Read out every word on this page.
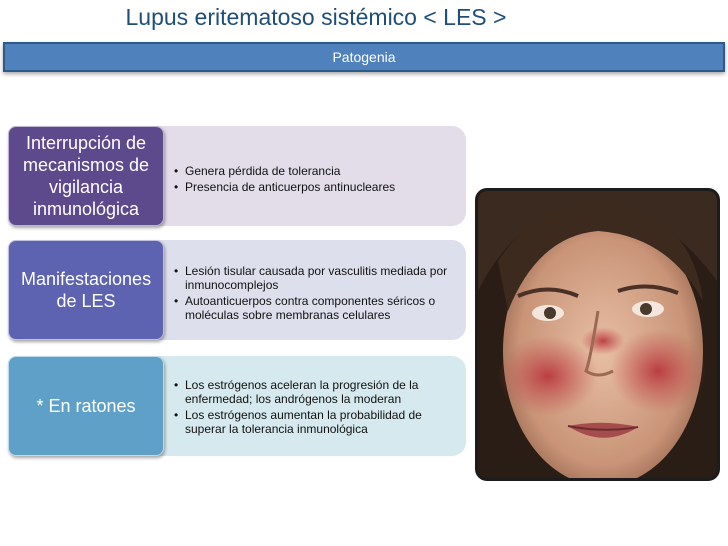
Lupus eritematoso sistémico < LES >
Patogenia
Interrupción de mecanismos de vigilancia inmunológica
• Genera pérdida de tolerancia
• Presencia de anticuerpos antinucleares
Manifestaciones de LES
• Lesión tisular causada por vasculitis mediada por inmunocomplejos
• Autoanticuerpos contra componentes séricos o moléculas sobre membranas celulares
* En ratones
• Los estrógenos aceleran la progresión de la enfermedad; los andrógenos la moderan
• Los estrógenos aumentan la probabilidad de superar la tolerancia inmunológica
